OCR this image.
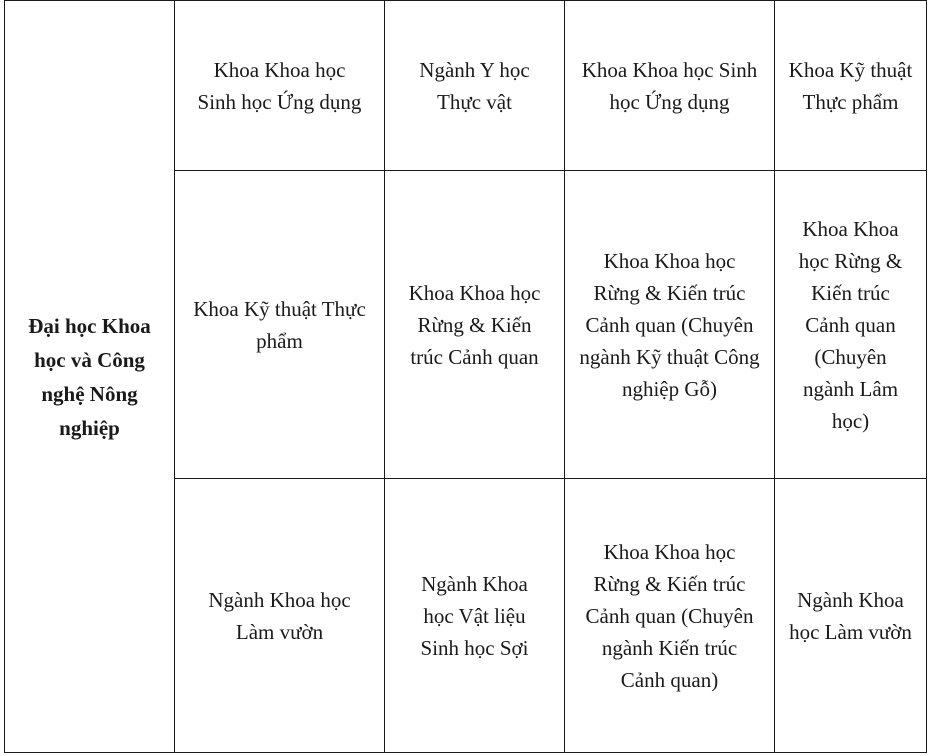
Đại học Khoa học và Công nghệ Nông nghiệp	Khoa Khoa học Sinh học Ứng dụng	Ngành Y học Thực vật	Khoa Khoa học Sinh học Ứng dụng	Khoa Kỹ thuật Thực phẩm
	Khoa Kỹ thuật Thực phẩm	Khoa Khoa học Rừng & Kiến trúc Cảnh quan	Khoa Khoa học Rừng & Kiến trúc Cảnh quan (Chuyên ngành Kỹ thuật Công nghiệp Gỗ)	Khoa Khoa học Rừng & Kiến trúc Cảnh quan (Chuyên ngành Lâm học)
	Ngành Khoa học Làm vườn	Ngành Khoa học Vật liệu Sinh học Sợi	Khoa Khoa học Rừng & Kiến trúc Cảnh quan (Chuyên ngành Kiến trúc Cảnh quan)	Ngành Khoa học Làm vườn
